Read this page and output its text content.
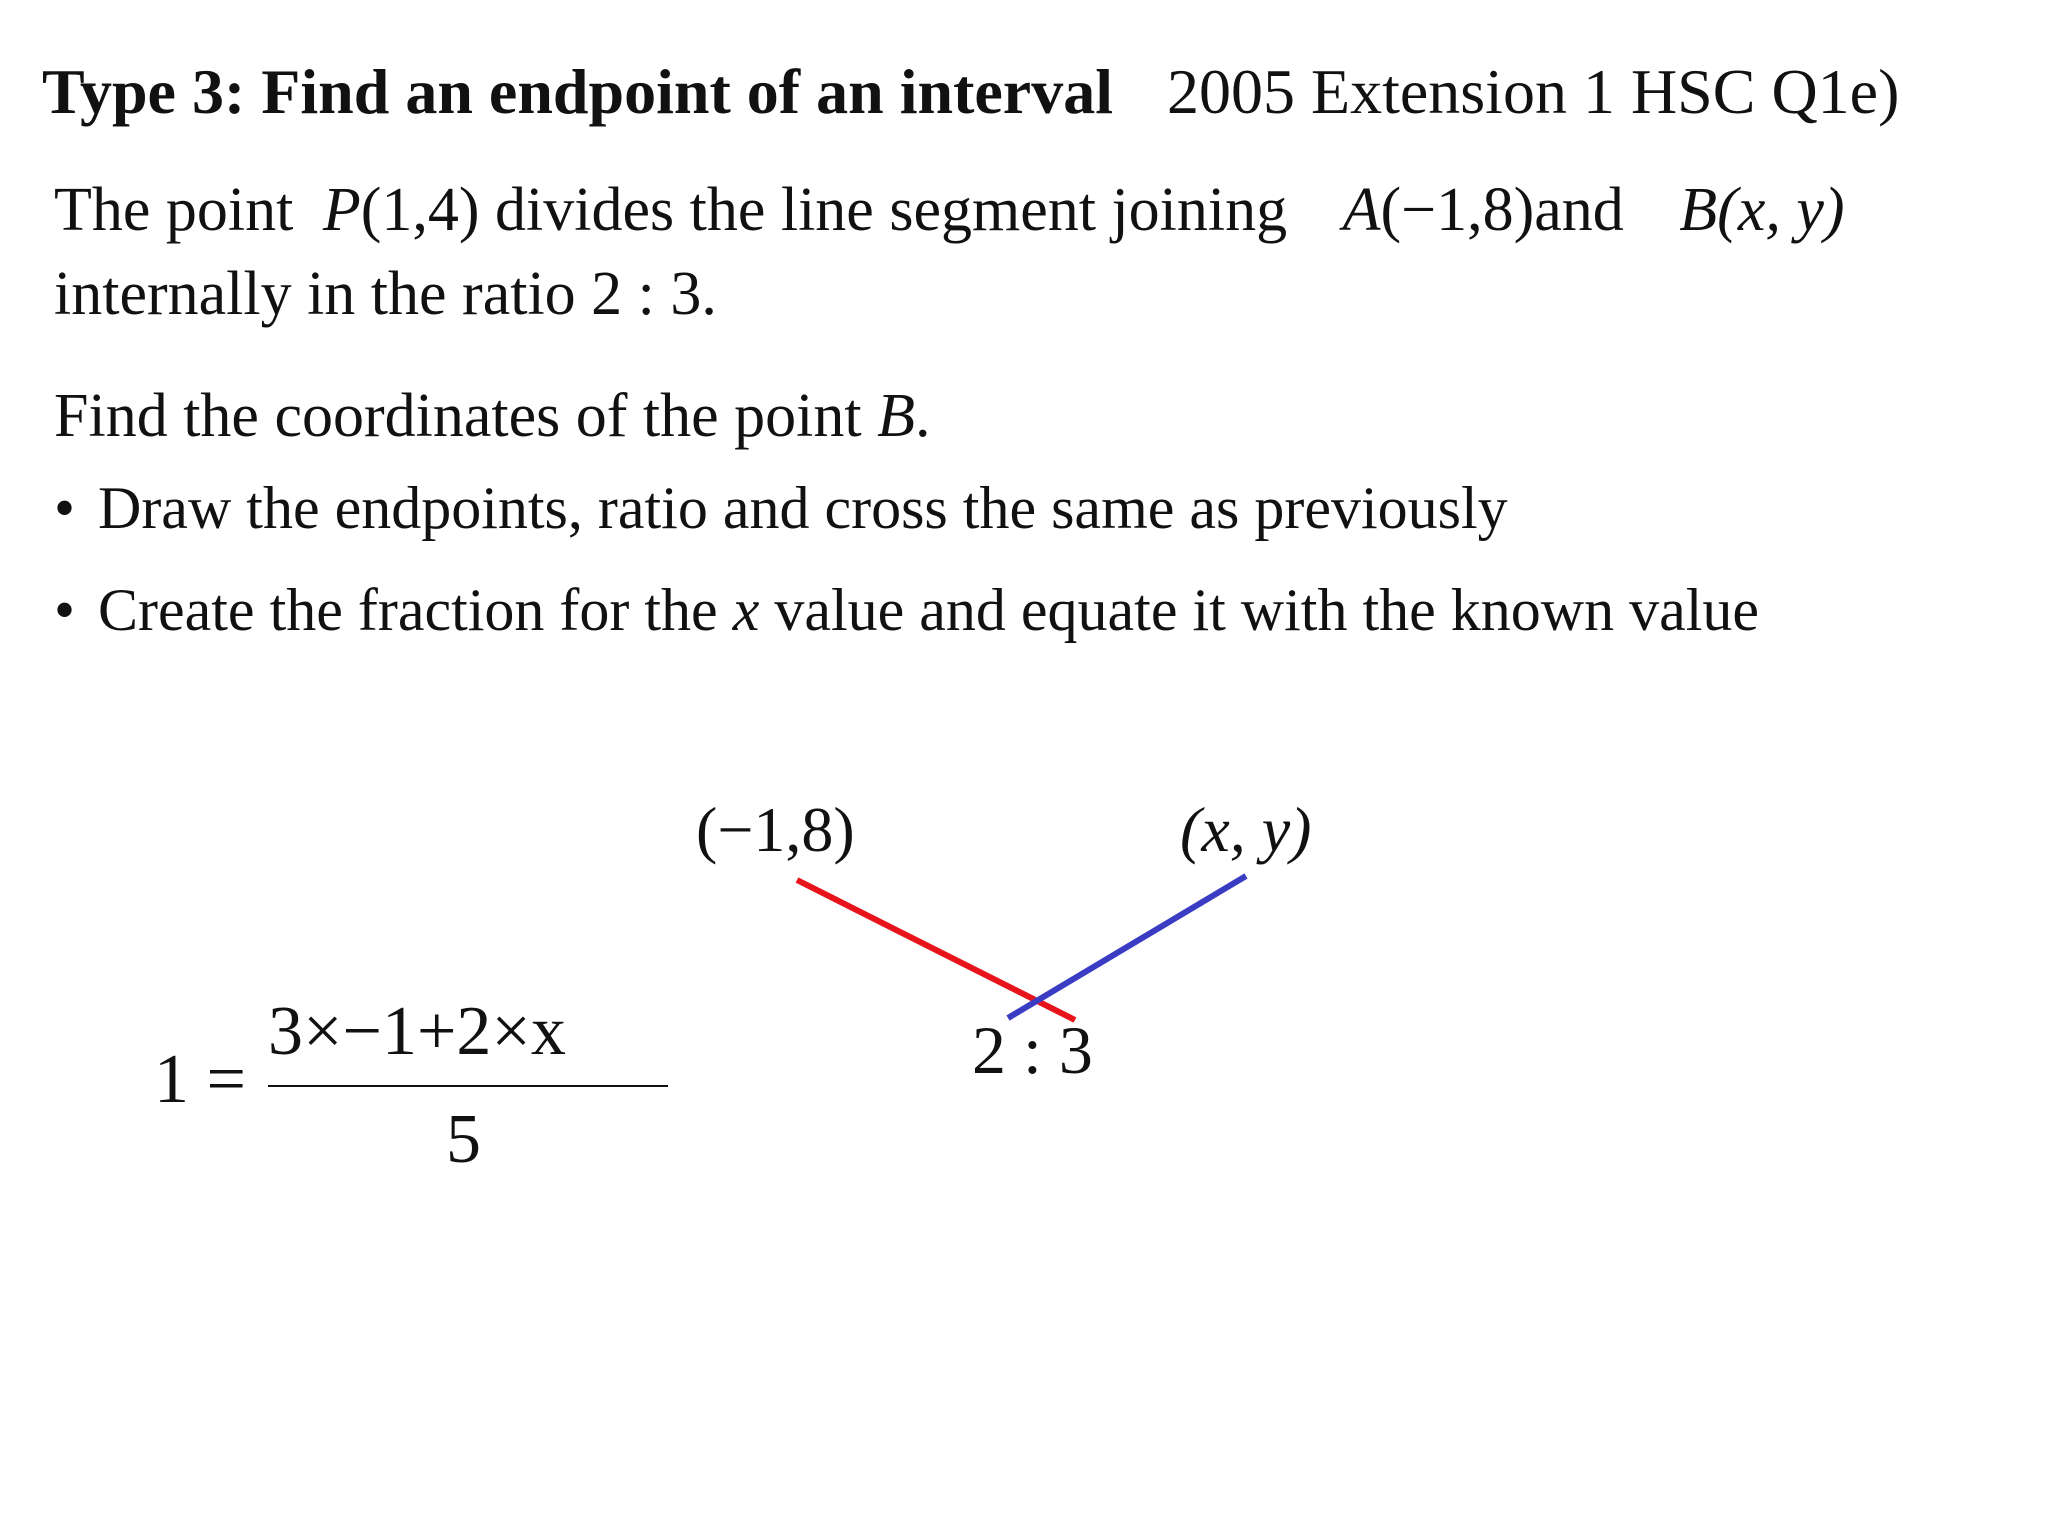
Type 3: Find an endpoint of an interval 2005 Extension 1 HSC Q1e)
The point P(1,4) divides the line segment joining A(−1,8)and B(x, y)
internally in the ratio 2 : 3.
Find the coordinates of the point B.
• Draw the endpoints, ratio and cross the same as previously
• Create the fraction for the x value and equate it with the known value
(−1,8)	(x, y)
2 : 3
1 =
3×−1+2×x
5
